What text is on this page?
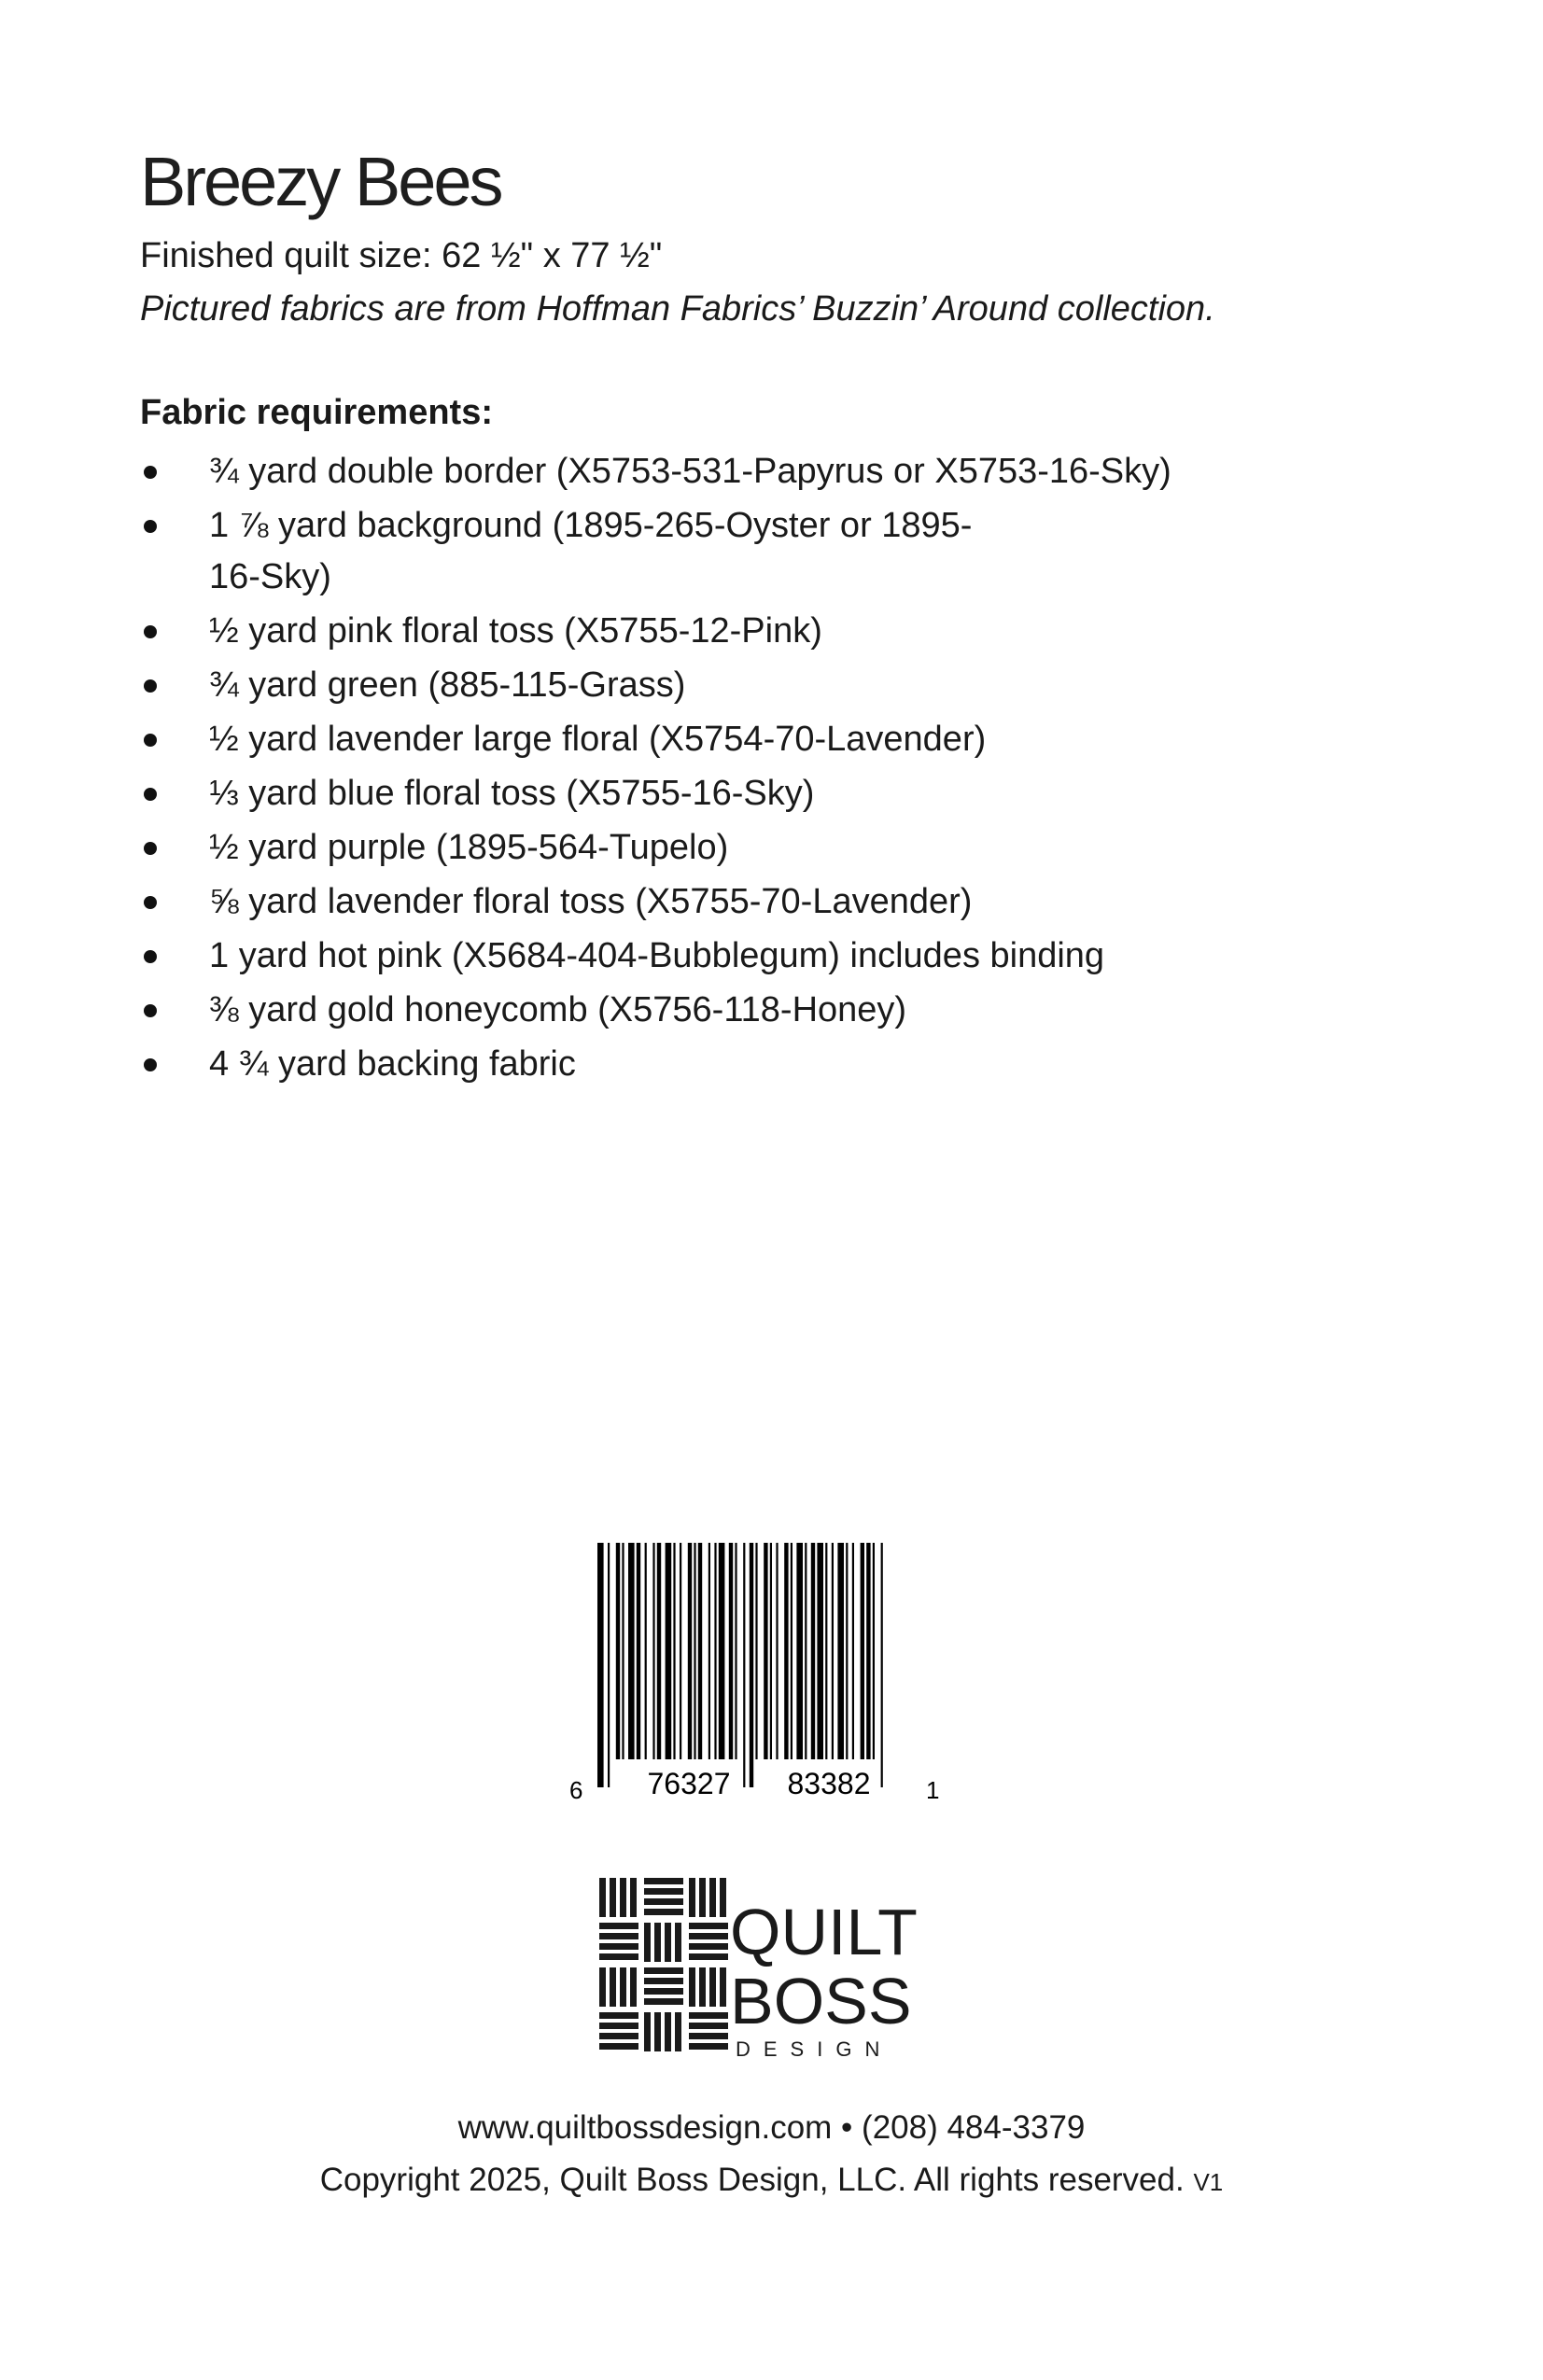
Breezy Bees

Finished quilt size: 62 ½" x 77 ½"

Pictured fabrics are from Hoffman Fabrics’ Buzzin’ Around collection.

Fabric requirements:

¾ yard double border (X5753-531-Papyrus or X5753-16-Sky)
1 ⅞ yard background (1895-265-Oyster or 1895-16-Sky)
½ yard pink floral toss (X5755-12-Pink)
¾ yard green (885-115-Grass)
½ yard lavender large floral (X5754-70-Lavender)
⅓ yard blue floral toss (X5755-16-Sky)
½ yard purple (1895-564-Tupelo)
⅝ yard lavender floral toss (X5755-70-Lavender)
1 yard hot pink (X5684-404-Bubblegum) includes binding
⅜ yard gold honeycomb (X5756-118-Honey)
4 ¾ yard backing fabric
6 76327 83382 1
QUILT
BOSS
DESIGN

www.quiltbossdesign.com • (208) 484-3379

Copyright 2025, Quilt Boss Design, LLC. All rights reserved. V1
